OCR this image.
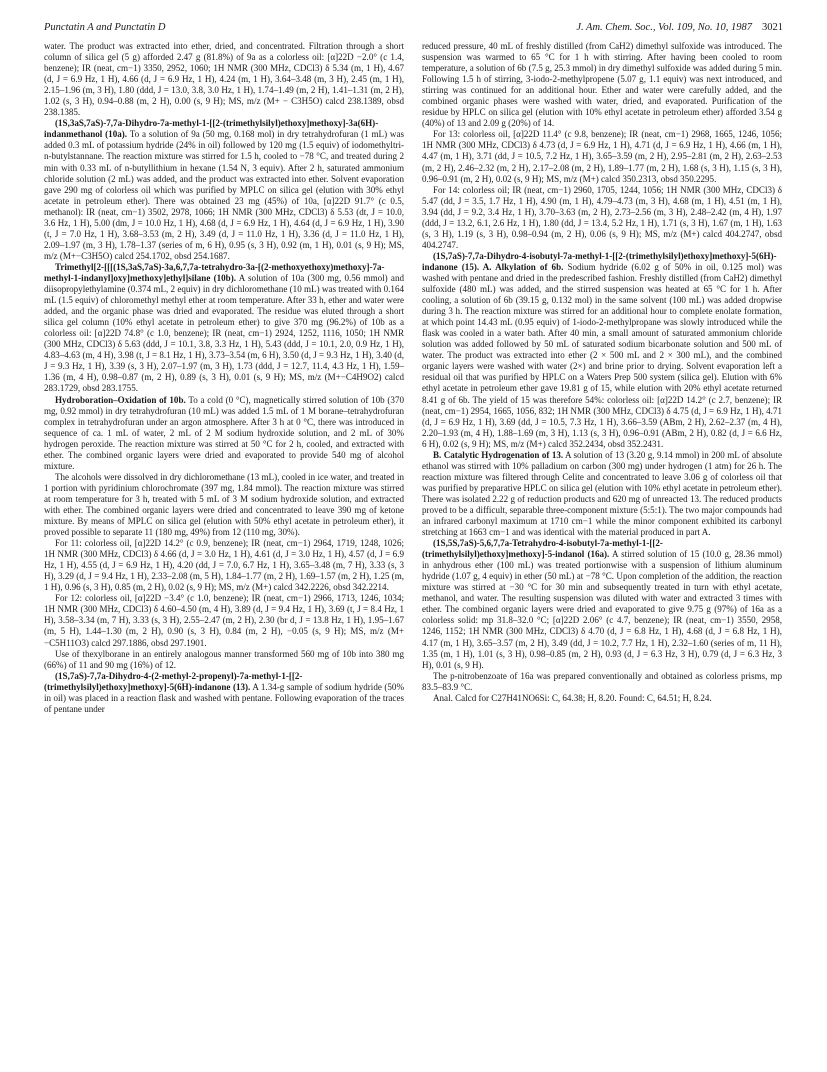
Punctatin A and Punctatin D	J. Am. Chem. Soc., Vol. 109, No. 10, 1987 3021

water. The product was extracted into ether, dried, and concentrated. Filtration through a short column of silica gel (5 g) afforded 2.47 g (81.8%) of 9a as a colorless oil: [α]22D −2.0° (c 1.4, benzene); IR (neat, cm−1) 3350, 2952, 1060; 1H NMR (300 MHz, CDCl3) δ 5.34 (m, 1 H), 4.67 (d, J = 6.9 Hz, 1 H), 4.66 (d, J = 6.9 Hz, 1 H), 4.24 (m, 1 H), 3.64–3.48 (m, 3 H), 2.45 (m, 1 H), 2.15–1.96 (m, 3 H), 1.80 (ddd, J = 13.0, 3.8, 3.0 Hz, 1 H), 1.74–1.49 (m, 2 H), 1.41–1.31 (m, 2 H), 1.02 (s, 3 H), 0.94–0.88 (m, 2 H), 0.00 (s, 9 H); MS, m/z (M+ − C3H5O) calcd 238.1389, obsd 238.1385.

(1S,3aS,7aS)-7,7a-Dihydro-7a-methyl-1-[[2-(trimethylsilyl)ethoxy]methoxy]-3a(6H)-indanmethanol (10a). To a solution of 9a (50 mg, 0.168 mol) in dry tetrahydrofuran (1 mL) was added 0.3 mL of potassium hydride (24% in oil) followed by 120 mg (1.5 equiv) of iodomethyltri-n-butylstannane. The reaction mixture was stirred for 1.5 h, cooled to −78 °C, and treated during 2 min with 0.33 mL of n-butyllithium in hexane (1.54 N, 3 equiv). After 2 h, saturated ammonium chloride solution (2 mL) was added, and the product was extracted into ether. Solvent evaporation gave 290 mg of colorless oil which was purified by MPLC on silica gel (elution with 30% ethyl acetate in petroleum ether). There was obtained 23 mg (45%) of 10a, [α]22D 91.7° (c 0.5, methanol): IR (neat, cm−1) 3502, 2978, 1066; 1H NMR (300 MHz, CDCl3) δ 5.53 (dt, J = 10.0, 3.6 Hz, 1 H), 5.00 (dm, J = 10.0 Hz, 1 H), 4.68 (d, J = 6.9 Hz, 1 H), 4.64 (d, J = 6.9 Hz, 1 H), 3.90 (t, J = 7.0 Hz, 1 H), 3.68–3.53 (m, 2 H), 3.49 (d, J = 11.0 Hz, 1 H), 3.36 (d, J = 11.0 Hz, 1 H), 2.09–1.97 (m, 3 H), 1.78–1.37 (series of m, 6 H), 0.95 (s, 3 H), 0.92 (m, 1 H), 0.01 (s, 9 H); MS, m/z (M+−C3H5O) calcd 254.1702, obsd 254.1687.

Trimethyl[2-[[[(1S,3aS,7aS)-3a,6,7,7a-tetrahydro-3a-[(2-methoxyethoxy)methoxy]-7a-methyl-1-indanyl]oxy]methoxy]ethyl]silane (10b). A solution of 10a (300 mg, 0.56 mmol) and diisopropylethylamine (0.374 mL, 2 equiv) in dry dichloromethane (10 mL) was treated with 0.164 mL (1.5 equiv) of chloromethyl methyl ether at room temperature. After 33 h, ether and water were added, and the organic phase was dried and evaporated. The residue was eluted through a short silica gel column (10% ethyl acetate in petroleum ether) to give 370 mg (96.2%) of 10b as a colorless oil: [α]22D 74.8° (c 1.0, benzene); IR (neat, cm−1) 2924, 1252, 1116, 1050; 1H NMR (300 MHz, CDCl3) δ 5.63 (ddd, J = 10.1, 3.8, 3.3 Hz, 1 H), 5.43 (ddd, J = 10.1, 2.0, 0.9 Hz, 1 H), 4.83–4.63 (m, 4 H), 3.98 (t, J = 8.1 Hz, 1 H), 3.73–3.54 (m, 6 H), 3.50 (d, J = 9.3 Hz, 1 H), 3.40 (d, J = 9.3 Hz, 1 H), 3.39 (s, 3 H), 2.07–1.97 (m, 3 H), 1.73 (ddd, J = 12.7, 11.4, 4.3 Hz, 1 H), 1.59–1.36 (m, 4 H), 0.98–0.87 (m, 2 H), 0.89 (s, 3 H), 0.01 (s, 9 H); MS, m/z (M+−C4H9O2) calcd 283.1729, obsd 283.1755.

Hydroboration–Oxidation of 10b. To a cold (0 °C), magnetically stirred solution of 10b (370 mg, 0.92 mmol) in dry tetrahydrofuran (10 mL) was added 1.5 mL of 1 M borane–tetrahydrofuran complex in tetrahydrofuran under an argon atmosphere. After 3 h at 0 °C, there was introduced in sequence of ca. 1 mL of water, 2 mL of 2 M sodium hydroxide solution, and 2 mL of 30% hydrogen peroxide. The reaction mixture was stirred at 50 °C for 2 h, cooled, and extracted with ether. The combined organic layers were dried and evaporated to provide 540 mg of alcohol mixture.

The alcohols were dissolved in dry dichloromethane (13 mL), cooled in ice water, and treated in 1 portion with pyridinium chlorochromate (397 mg, 1.84 mmol). The reaction mixture was stirred at room temperature for 3 h, treated with 5 mL of 3 M sodium hydroxide solution, and extracted with ether. The combined organic layers were dried and concentrated to leave 390 mg of ketone mixture. By means of MPLC on silica gel (elution with 50% ethyl acetate in petroleum ether), it proved possible to separate 11 (180 mg, 49%) from 12 (110 mg, 30%).

For 11: colorless oil, [α]22D 14.2° (c 0.9, benzene); IR (neat, cm−1) 2964, 1719, 1248, 1026; 1H NMR (300 MHz, CDCl3) δ 4.66 (d, J = 3.0 Hz, 1 H), 4.61 (d, J = 3.0 Hz, 1 H), 4.57 (d, J = 6.9 Hz, 1 H), 4.55 (d, J = 6.9 Hz, 1 H), 4.20 (dd, J = 7.0, 6.7 Hz, 1 H), 3.65–3.48 (m, 7 H), 3.33 (s, 3 H), 3.29 (d, J = 9.4 Hz, 1 H), 2.33–2.08 (m, 5 H), 1.84–1.77 (m, 2 H), 1.69–1.57 (m, 2 H), 1.25 (m, 1 H), 0.96 (s, 3 H), 0.85 (m, 2 H), 0.02 (s, 9 H); MS, m/z (M+) calcd 342.2226, obsd 342.2214.

For 12: colorless oil, [α]22D −3.4° (c 1.0, benzene); IR (neat, cm−1) 2966, 1713, 1246, 1034; 1H NMR (300 MHz, CDCl3) δ 4.60–4.50 (m, 4 H), 3.89 (d, J = 9.4 Hz, 1 H), 3.69 (t, J = 8.4 Hz, 1 H), 3.58–3.34 (m, 7 H), 3.33 (s, 3 H), 2.55–2.47 (m, 2 H), 2.30 (br d, J = 13.8 Hz, 1 H), 1.95–1.67 (m, 5 H), 1.44–1.30 (m, 2 H), 0.90 (s, 3 H), 0.84 (m, 2 H), −0.05 (s, 9 H); MS, m/z (M+−C5H11O3) calcd 297.1886, obsd 297.1901.

Use of thexylborane in an entirely analogous manner transformed 560 mg of 10b into 380 mg (66%) of 11 and 90 mg (16%) of 12.

(1S,7aS)-7,7a-Dihydro-4-(2-methyl-2-propenyl)-7a-methyl-1-[[2-(trimethylsilyl)ethoxy]methoxy]-5(6H)-indanone (13). A 1.34-g sample of sodium hydride (50% in oil) was placed in a reaction flask and washed with pentane. Following evaporation of the traces of pentane under

reduced pressure, 40 mL of freshly distilled (from CaH2) dimethyl sulfoxide was introduced. The suspension was warmed to 65 °C for 1 h with stirring. After having been cooled to room temperature, a solution of 6b (7.5 g, 25.3 mmol) in dry dimethyl sulfoxide was added during 5 min. Following 1.5 h of stirring, 3-iodo-2-methylpropene (5.07 g, 1.1 equiv) was next introduced, and stirring was continued for an additional hour. Ether and water were carefully added, and the combined organic phases were washed with water, dried, and evaporated. Purification of the residue by HPLC on silica gel (elution with 10% ethyl acetate in petroleum ether) afforded 3.54 g (40%) of 13 and 2.09 g (20%) of 14.

For 13: colorless oil, [α]22D 11.4° (c 9.8, benzene); IR (neat, cm−1) 2968, 1665, 1246, 1056; 1H NMR (300 MHz, CDCl3) δ 4.73 (d, J = 6.9 Hz, 1 H), 4.71 (d, J = 6.9 Hz, 1 H), 4.66 (m, 1 H), 4.47 (m, 1 H), 3.71 (dd, J = 10.5, 7.2 Hz, 1 H), 3.65–3.59 (m, 2 H), 2.95–2.81 (m, 2 H), 2.63–2.53 (m, 2 H), 2.46–2.32 (m, 2 H), 2.17–2.08 (m, 2 H), 1.89–1.77 (m, 2 H), 1.68 (s, 3 H), 1.15 (s, 3 H), 0.96–0.91 (m, 2 H), 0.02 (s, 9 H); MS, m/z (M+) calcd 350.2313, obsd 350.2295.

For 14: colorless oil; IR (neat, cm−1) 2960, 1705, 1244, 1056; 1H NMR (300 MHz, CDCl3) δ 5.47 (dd, J = 3.5, 1.7 Hz, 1 H), 4.90 (m, 1 H), 4.79–4.73 (m, 3 H), 4.68 (m, 1 H), 4.51 (m, 1 H), 3.94 (dd, J = 9.2, 3.4 Hz, 1 H), 3.70–3.63 (m, 2 H), 2.73–2.56 (m, 3 H), 2.48–2.42 (m, 4 H), 1.97 (ddd, J = 13.2, 6.1, 2.6 Hz, 1 H), 1.80 (dd, J = 13.4, 5.2 Hz, 1 H), 1.71 (s, 3 H), 1.67 (m, 1 H), 1.63 (s, 3 H), 1.19 (s, 3 H), 0.98–0.94 (m, 2 H), 0.06 (s, 9 H); MS, m/z (M+) calcd 404.2747, obsd 404.2747.

(1S,7aS)-7,7a-Dihydro-4-isobutyl-7a-methyl-1-[[2-(trimethylsilyl)ethoxy]methoxy]-5(6H)-indanone (15). A. Alkylation of 6b. Sodium hydride (6.02 g of 50% in oil, 0.125 mol) was washed with pentane and dried in the predescribed fashion. Freshly distilled (from CaH2) dimethyl sulfoxide (480 mL) was added, and the stirred suspension was heated at 65 °C for 1 h. After cooling, a solution of 6b (39.15 g, 0.132 mol) in the same solvent (100 mL) was added dropwise during 3 h. The reaction mixture was stirred for an additional hour to complete enolate formation, at which point 14.43 mL (0.95 equiv) of 1-iodo-2-methylpropane was slowly introduced while the flask was cooled in a water bath. After 40 min, a small amount of saturated ammonium chloride solution was added followed by 50 mL of saturated sodium bicarbonate solution and 500 mL of water. The product was extracted into ether (2 × 500 mL and 2 × 300 mL), and the combined organic layers were washed with water (2×) and brine prior to drying. Solvent evaporation left a residual oil that was purified by HPLC on a Waters Prep 500 system (silica gel). Elution with 6% ethyl acetate in petroleum ether gave 19.81 g of 15, while elution with 20% ethyl acetate returned 8.41 g of 6b. The yield of 15 was therefore 54%: colorless oil: [α]22D 14.2° (c 2.7, benzene); IR (neat, cm−1) 2954, 1665, 1056, 832; 1H NMR (300 MHz, CDCl3) δ 4.75 (d, J = 6.9 Hz, 1 H), 4.71 (d, J = 6.9 Hz, 1 H), 3.69 (dd, J = 10.5, 7.3 Hz, 1 H), 3.66–3.59 (ABm, 2 H), 2.62–2.37 (m, 4 H), 2.20–1.93 (m, 4 H), 1.88–1.69 (m, 3 H), 1.13 (s, 3 H), 0.96–0.91 (ABm, 2 H), 0.82 (d, J = 6.6 Hz, 6 H), 0.02 (s, 9 H); MS, m/z (M+) calcd 352.2434, obsd 352.2431.

B. Catalytic Hydrogenation of 13. A solution of 13 (3.20 g, 9.14 mmol) in 200 mL of absolute ethanol was stirred with 10% palladium on carbon (300 mg) under hydrogen (1 atm) for 26 h. The reaction mixture was filtered through Celite and concentrated to leave 3.06 g of colorless oil that was purified by preparative HPLC on silica gel (elution with 10% ethyl acetate in petroleum ether). There was isolated 2.22 g of reduction products and 620 mg of unreacted 13. The reduced products proved to be a difficult, separable three-component mixture (5:5:1). The two major compounds had an infrared carbonyl maximum at 1710 cm−1 while the minor component exhibited its carbonyl stretching at 1663 cm−1 and was identical with the material produced in part A.

(1S,5S,7aS)-5,6,7,7a-Tetrahydro-4-isobutyl-7a-methyl-1-[[2-(trimethylsilyl)ethoxy]methoxy]-5-indanol (16a). A stirred solution of 15 (10.0 g, 28.36 mmol) in anhydrous ether (100 mL) was treated portionwise with a suspension of lithium aluminum hydride (1.07 g, 4 equiv) in ether (50 mL) at −78 °C. Upon completion of the addition, the reaction mixture was stirred at −30 °C for 30 min and subsequently treated in turn with ethyl acetate, methanol, and water. The resulting suspension was diluted with water and extracted 3 times with ether. The combined organic layers were dried and evaporated to give 9.75 g (97%) of 16a as a colorless solid: mp 31.8–32.0 °C; [α]22D 2.06° (c 4.7, benzene); IR (neat, cm−1) 3550, 2958, 1246, 1152; 1H NMR (300 MHz, CDCl3) δ 4.70 (d, J = 6.8 Hz, 1 H), 4.68 (d, J = 6.8 Hz, 1 H), 4.17 (m, 1 H), 3.65–3.57 (m, 2 H), 3.49 (dd, J = 10.2, 7.7 Hz, 1 H), 2.32–1.60 (series of m, 11 H), 1.35 (m, 1 H), 1.01 (s, 3 H), 0.98–0.85 (m, 2 H), 0.93 (d, J = 6.3 Hz, 3 H), 0.79 (d, J = 6.3 Hz, 3 H), 0.01 (s, 9 H).

The p-nitrobenzoate of 16a was prepared conventionally and obtained as colorless prisms, mp 83.5–83.9 °C.

Anal. Calcd for C27H41NO6Si: C, 64.38; H, 8.20. Found: C, 64.51; H, 8.24.
